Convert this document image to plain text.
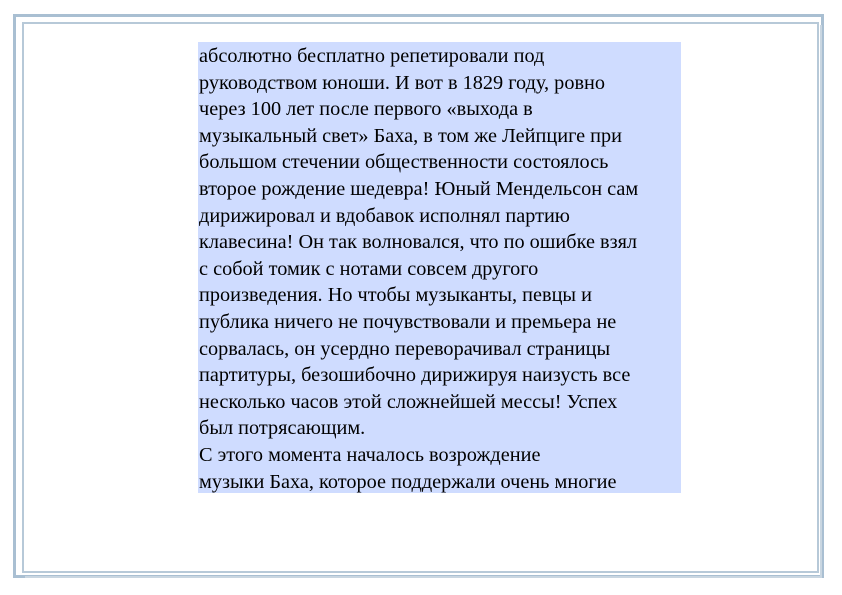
абсолютно бесплатно репетировали под
руководством юноши. И вот в 1829 году, ровно
через 100 лет после первого «выхода в
музыкальный свет» Баха, в том же Лейпциге при
большом стечении общественности состоялось
второе рождение шедевра! Юный Мендельсон сам
дирижировал и вдобавок исполнял партию
клавесина! Он так волновался, что по ошибке взял
с собой томик с нотами совсем другого
произведения. Но чтобы музыканты, певцы и
публика ничего не почувствовали и премьера не
сорвалась, он усердно переворачивал страницы
партитуры, безошибочно дирижируя наизусть все
несколько часов этой сложнейшей мессы! Успех
был потрясающим.
С этого момента началось возрождение
музыки Баха, которое поддержали очень многие
